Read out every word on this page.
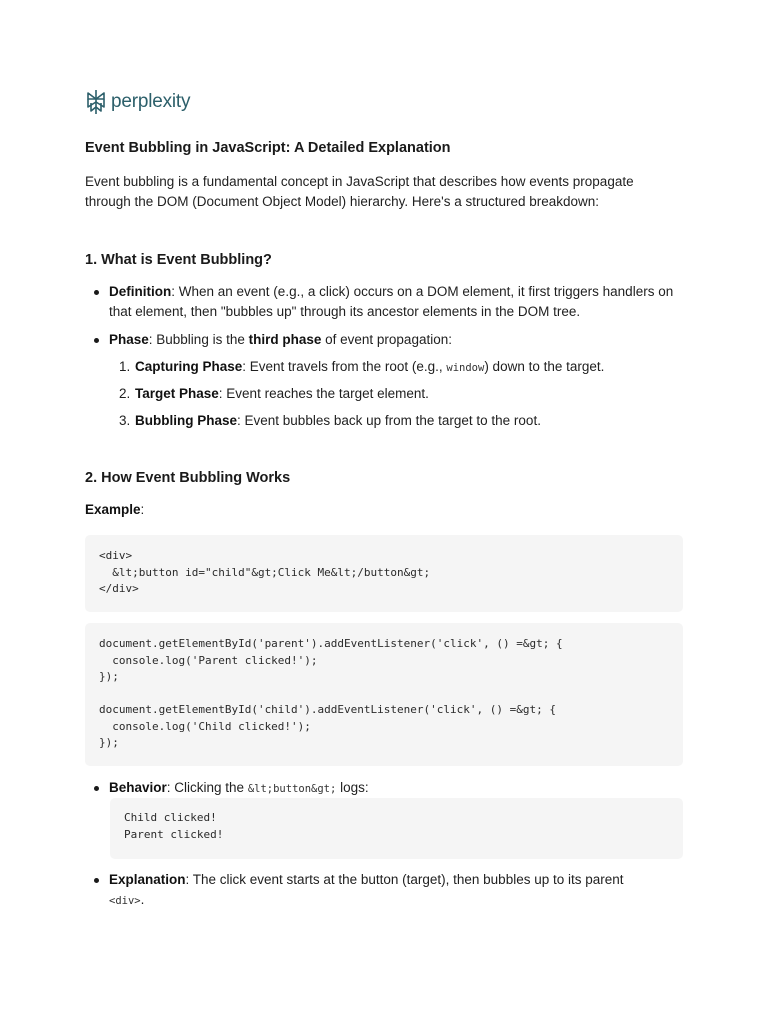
perplexity
Event Bubbling in JavaScript: A Detailed Explanation

Event bubbling is a fundamental concept in JavaScript that describes how events propagate through the DOM (Document Object Model) hierarchy. Here's a structured breakdown:

1. What is Event Bubbling?
Definition: When an event (e.g., a click) occurs on a DOM element, it first triggers handlers on that element, then "bubbles up" through its ancestor elements in the DOM tree.
Phase: Bubbling is the third phase of event propagation:
1. Capturing Phase: Event travels from the root (e.g., window) down to the target.
2. Target Phase: Event reaches the target element.
3. Bubbling Phase: Event bubbles back up from the target to the root.
2. How Event Bubbling Works

Example:

<div>
&lt;button id="child"&gt;Click Me&lt;/button&gt;
</div>
document.getElementById('parent').addEventListener('click', () =&gt; {
console.log('Parent clicked!');
});

document.getElementById('child').addEventListener('click', () =&gt; {
console.log('Child clicked!');
});
Behavior: Clicking the &lt;button&gt; logs:
Child clicked!
Parent clicked!
Explanation: The click event starts at the button (target), then bubbles up to its parent
<div>.
